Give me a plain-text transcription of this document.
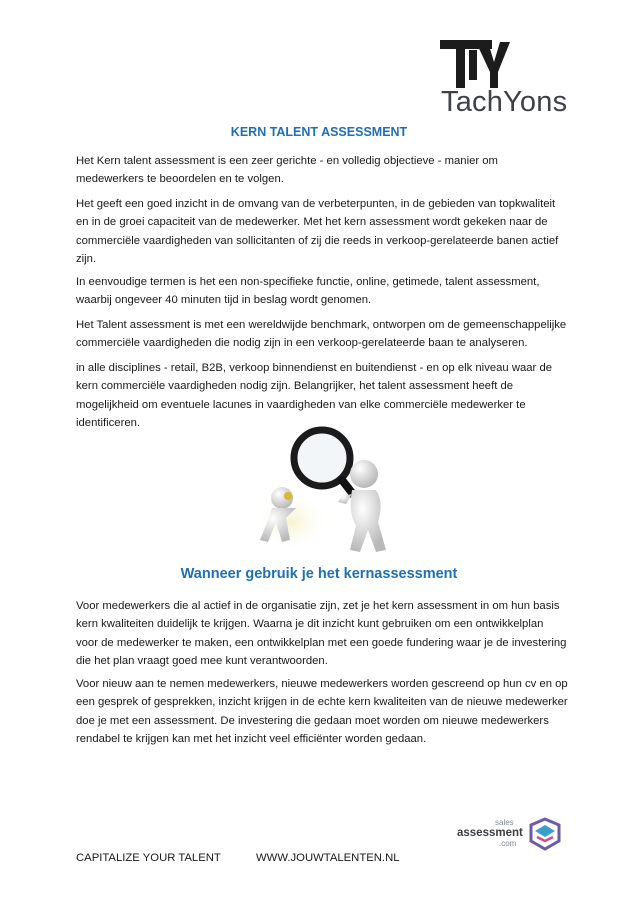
TachYons
KERN TALENT ASSESSMENT

Het Kern talent assessment is een zeer gerichte - en volledig objectieve - manier om medewerkers te beoordelen en te volgen.

Het geeft een goed inzicht in de omvang van de verbeterpunten, in de gebieden van topkwaliteit en in de groei capaciteit van de medewerker. Met het kern assessment wordt gekeken naar de commerciële vaardigheden van sollicitanten of zij die reeds in verkoop-gerelateerde banen actief zijn.

In eenvoudige termen is het een non-specifieke functie, online, getimede, talent assessment, waarbij ongeveer 40 minuten tijd in beslag wordt genomen.

Het Talent assessment is met een wereldwijde benchmark, ontworpen om de gemeenschappelijke commerciële vaardigheden die nodig zijn in een verkoop-gerelateerde baan te analyseren.

in alle disciplines - retail, B2B, verkoop binnendienst en buitendienst - en op elk niveau waar de kern commerciële vaardigheden nodig zijn. Belangrijker, het talent assessment heeft de mogelijkheid om eventuele lacunes in vaardigheden van elke commerciële medewerker te identificeren.

Wanneer gebruik je het kernassessment

Voor medewerkers die al actief in de organisatie zijn, zet je het kern assessment in om hun basis kern kwaliteiten duidelijk te krijgen. Waarna je dit inzicht kunt gebruiken om een ontwikkelplan voor de medewerker te maken, een ontwikkelplan met een goede fundering waar je de investering die het plan vraagt goed mee kunt verantwoorden.

Voor nieuw aan te nemen medewerkers, nieuwe medewerkers worden gescreend op hun cv en op een gesprek of gesprekken, inzicht krijgen in de echte kern kwaliteiten van de nieuwe medewerker doe je met een assessment. De investering die gedaan moet worden om nieuwe medewerkers rendabel te krijgen kan met het inzicht veel efficiënter worden gedaan.

sales
assessment
.com
CAPITALIZE YOUR TALENT	WWW.JOUWTALENTEN.NL
